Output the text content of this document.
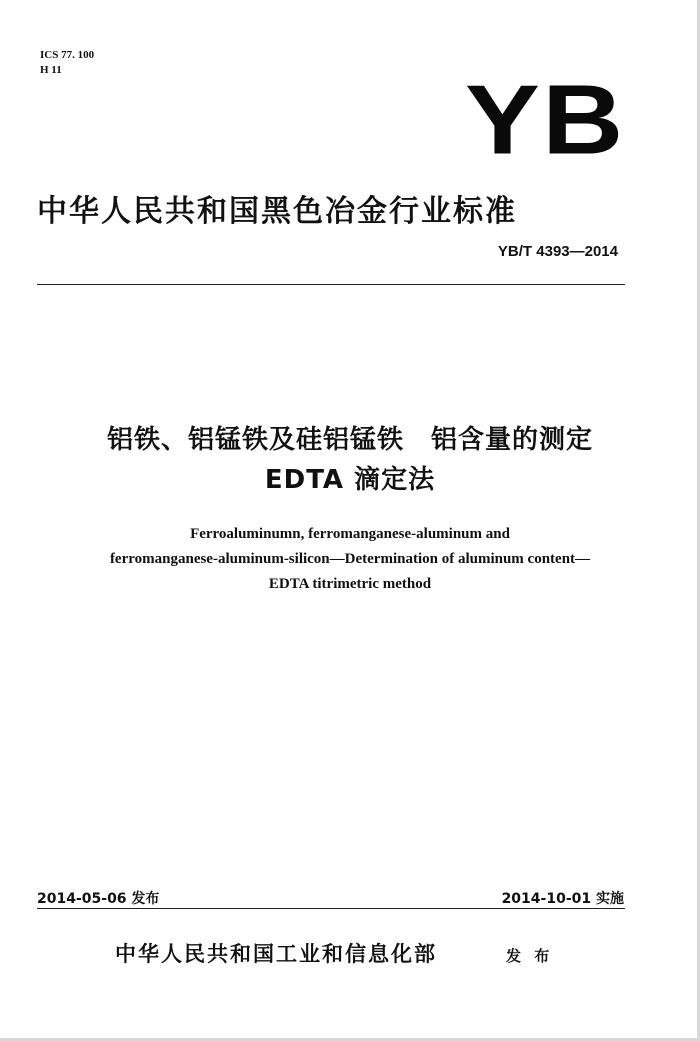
ICS 77. 100
H 11	YB
中华人民共和国黑色冶金行业标准
YB/T 4393—2014
铝铁、铝锰铁及硅铝锰铁　铝含量的测定
EDTA 滴定法
Ferroaluminumn, ferromanganese-aluminum and
ferromanganese-aluminum-silicon—Determination of aluminum content—
EDTA titrimetric method
2014-05-06 发布	2014-10-01 实施
中华人民共和国工业和信息化部	发 布
